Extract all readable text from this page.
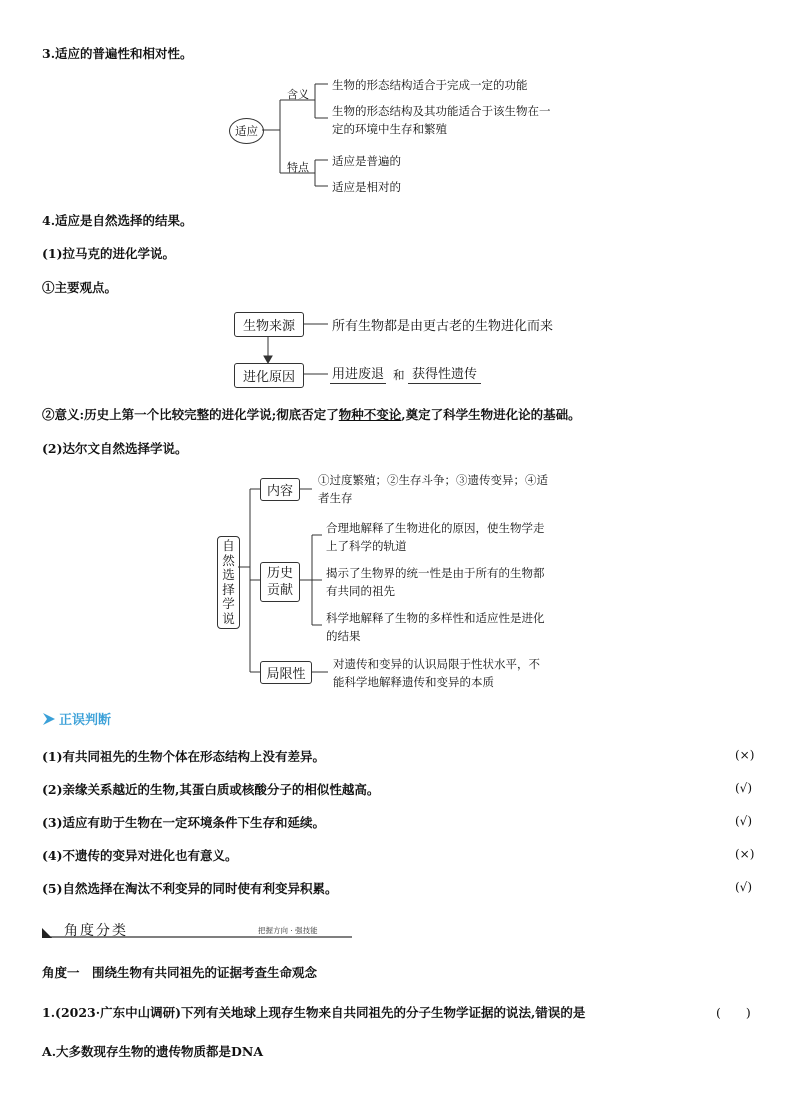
3.适应的普遍性和相对性。
适应
含义
特点
生物的形态结构适合于完成一定的功能
生物的形态结构及其功能适合于该生物在一
定的环境中生存和繁殖
适应是普遍的
适应是相对的
4.适应是自然选择的结果。
(1)拉马克的进化学说。
①主要观点。
生物来源	所有生物都是由更古老的生物进化而来
进化原因	用进废退 和 获得性遗传
②意义:历史上第一个比较完整的进化学说;彻底否定了物种不变论,奠定了科学生物进化论的基础。
(2)达尔文自然选择学说。
自
然
选
择
学
说
内容
历史
贡献
局限性
①过度繁殖；②生存斗争；③遗传变异；④适
者生存
合理地解释了生物进化的原因，使生物学走
上了科学的轨道
揭示了生物界的统一性是由于所有的生物都
有共同的祖先
科学地解释了生物的多样性和适应性是进化
的结果
对遗传和变异的认识局限于性状水平，不
能科学地解释遗传和变异的本质
正误判断
(1)有共同祖先的生物个体在形态结构上没有差异。	(×)
(2)亲缘关系越近的生物,其蛋白质或核酸分子的相似性越高。	(√)
(3)适应有助于生物在一定环境条件下生存和延续。	(√)
(4)不遗传的变异对进化也有意义。	(×)
(5)自然选择在淘汰不利变异的同时使有利变异积累。	(√)
角度分类	把握方向 · 强技能
角度一　围绕生物有共同祖先的证据考查生命观念
1.(2023·广东中山调研)下列有关地球上现存生物来自共同祖先的分子生物学证据的说法,错误的是	(　　)
A.大多数现存生物的遗传物质都是DNA
